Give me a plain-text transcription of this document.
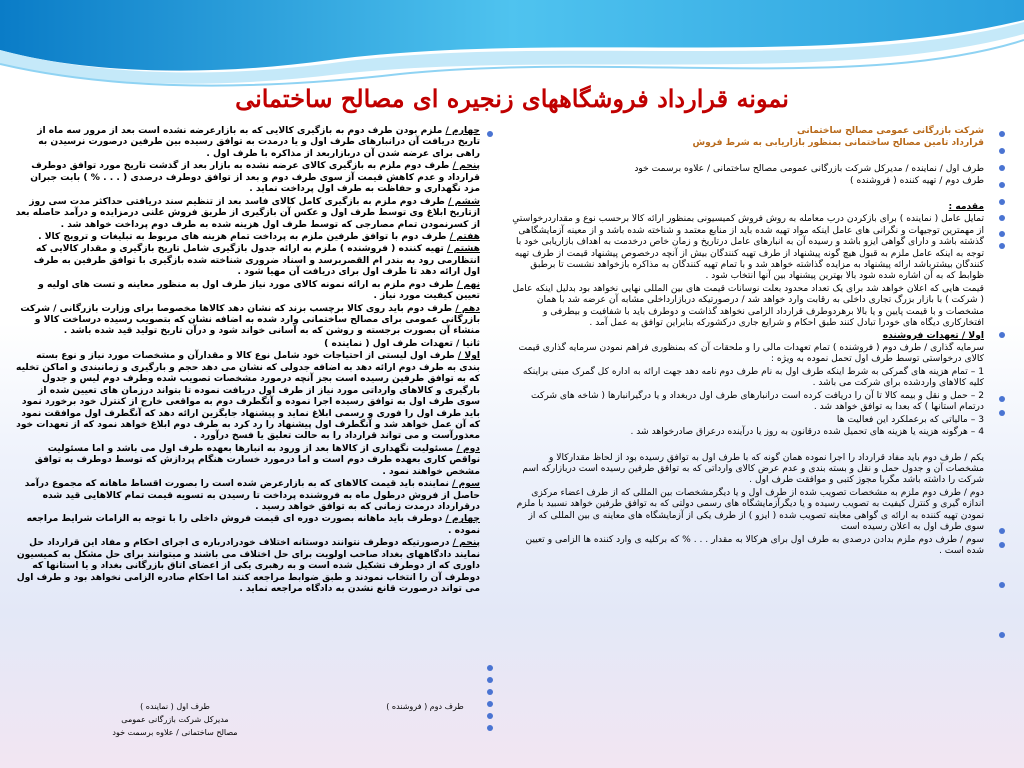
نمونه قرارداد فروشگاههای زنجیره ای مصالح ساختمانی

شرکت بازرگانی عمومی مصالح ساختمانی

قرارداد تامین مصالح ساختمانی بمنظور بازاریابی به شرط فروش

طرف اول / نماینده / مدیرکل شرکت بازرگانی عمومی مصالح ساختمانی / علاوه برسمت خود

طرف دوم / تهیه کننده ( فروشنده )

مقدمه :

تمایل عامل ( نماینده ) برای بازکردن درب معامله به روش فروش کمیسیونی بمنظور ارائه کالا برحسب نوع و مقداردرخواستیِ از مهمترین توجیهات و نگرانی های عامل اینکه مواد تهیه شده باید از منابع معتمد و شناخته شده باشد و از معینه آزمایشگاهی گذشته باشد و دارای گواهی ایزو باشد و رسیده آن به انبارهای عامل درتاریخ و زمان خاص درخدمت به اهداف بازاریابی خود با توجه به اینکه عامل ملزم به قبول هیچ گونه پیشنهاد از طرف تهیه کنندگان بیش از آنچه درخصوص پیشنهاد قیمت از طرف تهیه کنندگان بیشترباشد ارائه پیشنهاد به مزایده گذاشته خواهد شد و با تمام تهیه کنندگان به مذاکره بازخواهد نشست تا برطبق ظوابط که به آن اشاره شده شود بالا بهترین پیشنهاد بین آنها انتخاب شود .

قیمت هایی که اعلان خواهد شد برای یک تعداد محدود بعلت نوسانات قیمت های بین المللی نهایی نخواهد بود بدلیل اینکه عامل ( شرکت ) با بازار بزرگ تجاری داخلی به رقابت وارد خواهد شد / درصورتیکه دربازارداخلی مشابه آن عرضه شد با همان مشخصات و با قیمت پایین و یا بالا برهردوطرف قرارداد الزامی نخواهد گذاشت و دوطرف باید با شفافیت و بیطرفی و افتخارکاری دیگاه های خودرا تبادل کنند طبق احکام و شرایع جاری درکشورکه بنابراین توافق به عمل آمد .

اولا / تعهدات فروشنده

سرمایه گذاری / طرف دوم ( فروشنده ) تمام تعهدات مالی را و ملحقات آن که بمنظوری فراهم نمودن سرمایه گذاری قیمت کالای درخواستی توسط طرف اول تحمل نموده به ویژه :

1 – تمام هزینه های گمرکی به شرط اینکه طرف اول به نام طرف دوم نامه دهد جهت ارائه به اداره کل گمرک مبنی براینکه کلیه کالاهای واردشده برای شرکت می باشد .

2 – حمل و نقل و بیمه کالا تا آن را دریافت کرده است درانبارهای طرف اول دربغداد و یا درگیرانبارها ( شاخه های شرکت درتمام استانها ) که بعدا به توافق خواهد شد .

3 – مالیاتی که برعملکرد این فعالیت ها

4 – هرگونه هزینه یا هزینه های تحمیل شده درقانون به روز یا درآینده درعراق صادرخواهد شد .

یکم / طرف دوم باید مفاد قرارداد را اجرا نموده همان گونه که با طرف اول به توافق رسیده بود از لحاظ مقدارکالا و مشخصات آن و جدول حمل و نقل و بسته بندی و عدم عرض کالای وارداتی که به توافق طرفین رسیده است دربازارکه اسم شرکت را داشته باشد مگربا مجوز کتبی و موافقت طرف اول .

دوم / طرف دوم ملزم به مشخصات تصویب شده از طرف اول و یا دیگرمشخصات بین المللی که از طرف اعضاء مرکزی اندازه گیری و کنترل کیفیت به تصویب رسیده و یا دیگرآزمایشگاه های رسمی دولتی که به توافق طرفین خواهد نسبید با ملزم نمودن تهیه کننده به ارائه ی گواهی معاینه تصویب شده ( ایزو ) از طرف یکی از آزمایشگاه های معاینه ی بین المللی که از سوی طرف اول به اعلان رسیده است

سوم / طرف دوم ملزم بدادن درصدی به طرف اول برای هرکالا به مقدار . . . % که برکلیه ی وارد کننده ها الزامی و تعیین شده است .

چهارم / ملزم بودن طرف دوم به بازگیری کالایی که به بازارعرضه نشده است بعد از مرور سه ماه از تاریخ دریافت آن درانبارهای طرف اول و یا درمدت به توافق رسیده بین طرفین درصورت نرسیدن به راهی برای عرضه شدن آن دربازاربعد از مذاکره با طرف اول .

پنجم / طرف دوم ملزم به بازگیری کالای عرضه نشده به بازار بعد از گذشت تاریخ مورد توافق دوطرف قرارداد و عدم کاهش قیمت آز سوی طرف دوم و بعد از توافق دوطرف درصدی ( . . . % ) بابت جبران مزد نگهداری و حفاظت به طرف اول پرداخت نماید .

ششم / طرف دوم ملزم به بازگیری کامل کالای فاسد بعد از تنظیم سند دریافتی حداکثر مدت سی روز ازتاریخ ابلاغ وی توسط طرف اول و عکس آن بازگیری از طریق فروش علنی درمزایده و درآمد حاصله بعد از کسرنمودن تمام مصارجی که توسط طرف اول هزینه شده به طرف دوم پرداخت خواهد شد .

هفتم / طرف دوم با توافق طرفین ملزم به پرداخت تمام هزینه های مربوط به تبلیغات و ترویج کالا .

هشتم / تهیه کننده ( فروشنده ) ملزم به ارائه جدول بازگیری شامل تاریخ بازگیری و مقدار کالایی که انتظارمی رود به بندر ام القصربرسد و اسناد ضروری شناخته شده بازگیری با توافق طرفین به طرف اول ارائه دهد تا طرف اول برای دریافت آن مهیا شود .

نهم / طرف دوم ملزم به ارائه نمونه کالای مورد نیاز طرف اول به منظور معاینه و تست های اولیه و تعیین کیفیت مورد نیاز .

دهم / طرف دوم باید روی کالا برچسب بزند که نشان دهد کالاها مخصوصا برای وزارت بازرگانی / شرکت بازرگانی عمومی برای مصالح ساختمانی وارد شده به اضافه نشان که بتصویب رسیده درساخت کالا و منشاء آن بصورت برجسته و روشن که به آسانی خواند شود و درآن تاریخ تولید قید شده باشد .

ثانیا / تعهدات طرف اول ( نماینده )

اولا / طرف اول لیستی از احتیاجات خود شامل نوع کالا و مقدارآن و مشخصات مورد نیاز و نوع بسته بندی به طرف دوم ارائه دهد به اضافه جدولی که نشان می دهد حجم و بارگیری و زمانبندی و اماکن تخلیه که به توافق طرفین رسیده است بجز آنچه درمورد مشخصات تصویب شده وطرف دوم لیس و جدول بارگیری و کالاهای وارداتی مورد نیاز از طرف اول دریافت نموده تا بتواند درزمان های تعیین شده از سوی طرف اول به توافق رسیده اجرا نموده و آنگطرف دوم به مواقعی خارج از کنترل خود برخورد نمود باید طرف اول را فوری و رسمی ابلاغ نماید و پیشنهاد جایگزین ارائه دهد که آنگطرف اول موافقت نمود که آن عمل خواهد شد و آنگطرف اول پیشنهاد را رد کرد به طرف دوم ابلاغ خواهد نمود که از تعهدات خود معذورآست و می تواند قرارداد را به حالت تعلیق یا فسخ درآورد .

دوم / مسئولیت نگهداری از کالاها بعد از ورود به انبارها بعهده طرف اول می باشد و اما مسئولیت نواقص کاری بعهده طرف دوم است و اما درمورد خسارت هنگام پردازش که توسط دوطرف به توافق مشخص خواهند نمود .

سوم / نماینده باید قیمت کالاهای که به بازارعرض شده است را بصورت اقساط ماهانه که مجموع درآمد حاصل از فروش درطول ماه به فروشنده پرداخت تا رسیدن به تسویه قیمت تمام کالاهایی قید شده درقرارداد درمدت زمانی که به توافق خواهد رسید .

چهارم / دوطرف باید ماهانه بصورت دوره ای قیمت فروش داخلی را با توجه به الزامات شرایط مراجعه نموده .

پنجم / درصورتیکه دوطرف نتوانند دوستانه اختلاف خودرادرباره ی اجرای احکام و مفاد این قرارداد حل نمایند دادگاههای بغداد صاحب اولویت برای حل اختلاف می باشند و میتوانند برای حل مشکل به کمیسیون داوری که از دوطرف تشکیل شده است و به رهبری یکی از اعضای اتاق بازرگانی بغداد و یا استانها که دوطرف آن را انتخاب نمودند و طبق ضوابط مراجعه کنند اما احکام صادره الزامی نخواهد بود و طرف اول می تواند درصورت قانع نشدن به دادگاه مراجعه نماید .

طرف اول ( نماینده )
مدیرکل شرکت بازرگانی عمومی
مصالح ساختمانی / علاوه برسمت خود
طرف دوم ( فروشنده )
